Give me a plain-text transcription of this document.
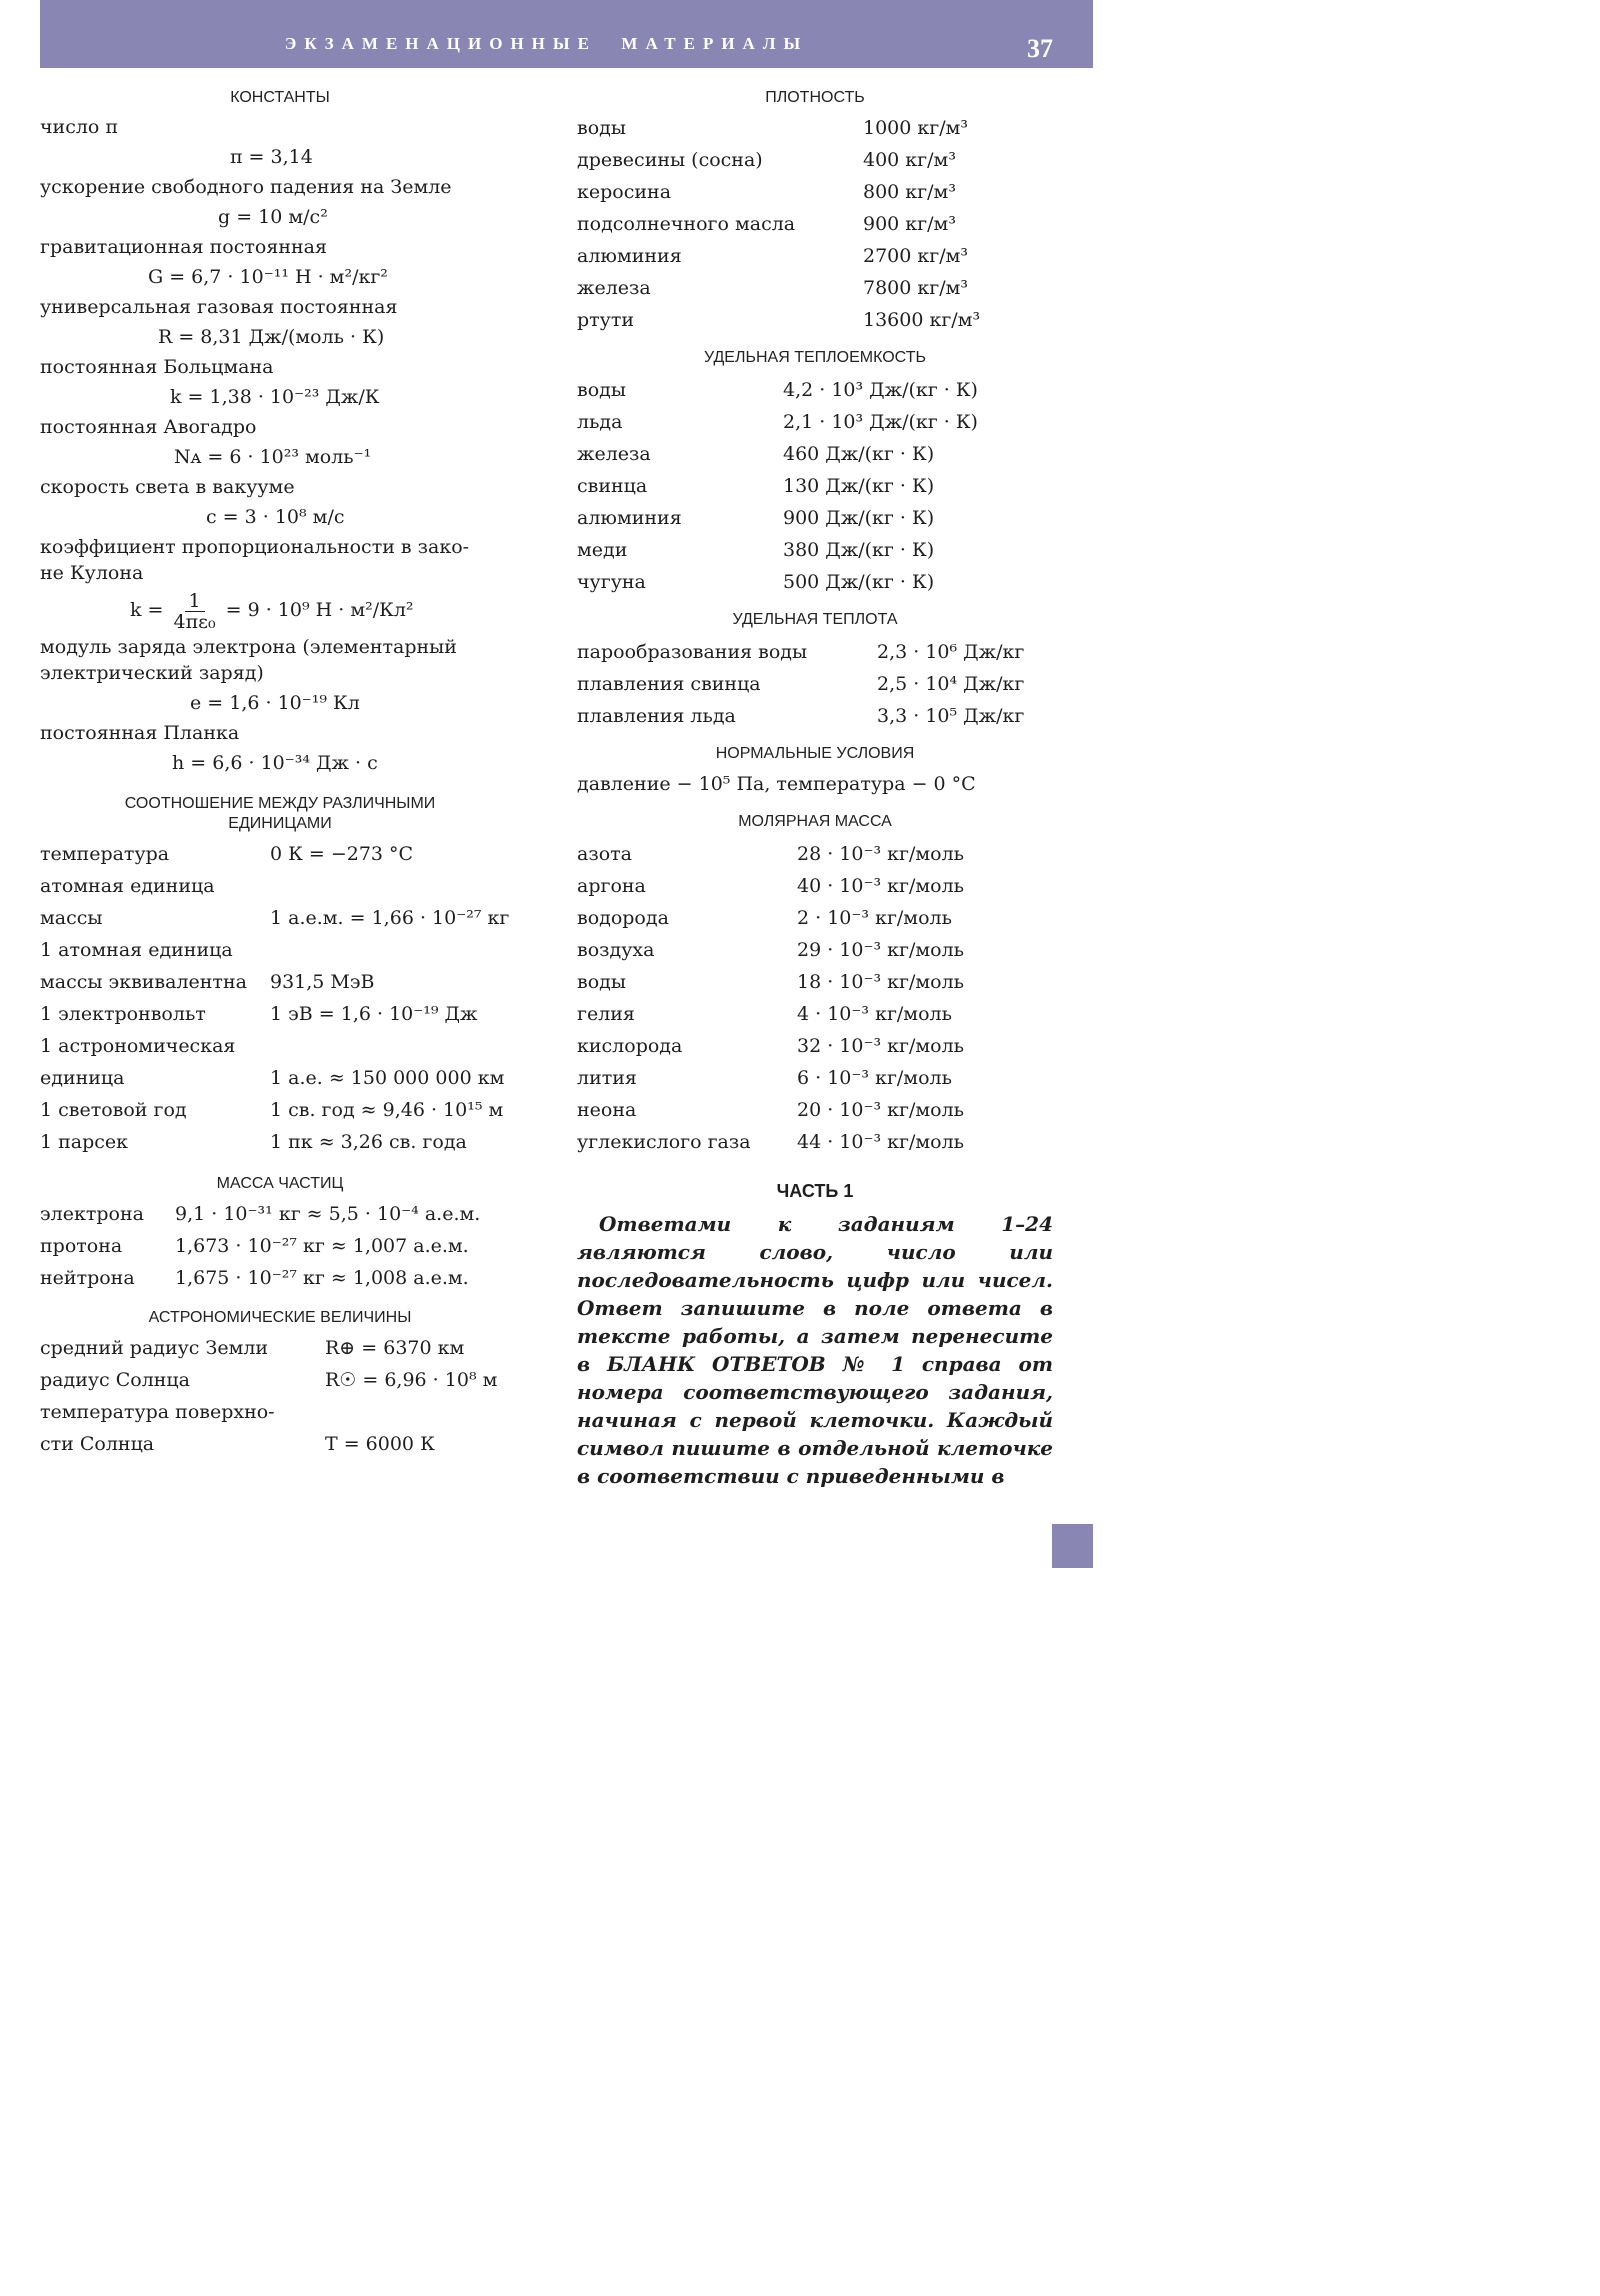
ЭКЗАМЕНАЦИОННЫЕ  МАТЕРИАЛЫ	37
КОНСТАНТЫ
число π
π = 3,14
ускорение свободного падения на Земле
g = 10 м/с²
гравитационная постоянная
G = 6,7 · 10⁻¹¹ Н · м²/кг²
универсальная газовая постоянная
R = 8,31 Дж/(моль · К)
постоянная Больцмана
k = 1,38 · 10⁻²³ Дж/К
постоянная Авогадро
Nᴀ = 6 · 10²³ моль⁻¹
скорость света в вакууме
c = 3 · 10⁸ м/с
коэффициент пропорциональности в зако-
не Кулона
$k = \frac{1}{\text{4πε₀}} = 9 \cdot 10^9$ Н · м²/Кл²
модуль заряда электрона (элементарный
электрический заряд)
e = 1,6 · 10⁻¹⁹ Кл
постоянная Планка
h = 6,6 · 10⁻³⁴ Дж · с
СООТНОШЕНИЕ МЕЖДУ РАЗЛИЧНЫМИ
ЕДИНИЦАМИ
температура	0 К = −273 °С
атомная единица
массы	1 а.е.м. = 1,66 · 10⁻²⁷ кг
1 атомная единица
массы эквивалентна	931,5 МэВ
1 электронвольт	1 эВ = 1,6 · 10⁻¹⁹ Дж
1 астрономическая
единица	1 а.е. ≈ 150 000 000 км
1 световой год	1 св. год ≈ 9,46 · 10¹⁵ м
1 парсек	1 пк ≈ 3,26 св. года
МАССА ЧАСТИЦ
электрона	9,1 · 10⁻³¹ кг ≈ 5,5 · 10⁻⁴ а.е.м.
протона	1,673 · 10⁻²⁷ кг ≈ 1,007 а.е.м.
нейтрона	1,675 · 10⁻²⁷ кг ≈ 1,008 а.е.м.
АСТРОНОМИЧЕСКИЕ ВЕЛИЧИНЫ
средний радиус Земли	R⊕ = 6370 км
радиус Солнца	R☉ = 6,96 · 10⁸ м
температура поверхно-
сти Солнца	T = 6000 К
ПЛОТНОСТЬ
воды	1000 кг/м³
древесины (сосна)	400 кг/м³
керосина	800 кг/м³
подсолнечного масла	900 кг/м³
алюминия	2700 кг/м³
железа	7800 кг/м³
ртути	13600 кг/м³
УДЕЛЬНАЯ ТЕПЛОЕМКОСТЬ
воды	4,2 · 10³ Дж/(кг · К)
льда	2,1 · 10³ Дж/(кг · К)
железа	460 Дж/(кг · К)
свинца	130 Дж/(кг · К)
алюминия	900 Дж/(кг · К)
меди	380 Дж/(кг · К)
чугуна	500 Дж/(кг · К)
УДЕЛЬНАЯ ТЕПЛОТА
парообразования воды	2,3 · 10⁶ Дж/кг
плавления свинца	2,5 · 10⁴ Дж/кг
плавления льда	3,3 · 10⁵ Дж/кг
НОРМАЛЬНЫЕ УСЛОВИЯ
давление − 10⁵ Па, температура − 0 °С
МОЛЯРНАЯ МАССА
азота	28 · 10⁻³ кг/моль
аргона	40 · 10⁻³ кг/моль
водорода	2 · 10⁻³ кг/моль
воздуха	29 · 10⁻³ кг/моль
воды	18 · 10⁻³ кг/моль
гелия	4 · 10⁻³ кг/моль
кислорода	32 · 10⁻³ кг/моль
лития	6 · 10⁻³ кг/моль
неона	20 · 10⁻³ кг/моль
углекислого газа	44 · 10⁻³ кг/моль
ЧАСТЬ 1
Ответами к заданиям 1–24 являются слово, число или последовательность цифр или чисел. Ответ запишите в поле ответа в тексте работы, а затем перенесите в БЛАНК ОТВЕТОВ № 1 справа от номера соответствующего задания, начиная с первой клеточки. Каждый символ пишите в отдельной клеточке в соответствии с приведенными в
